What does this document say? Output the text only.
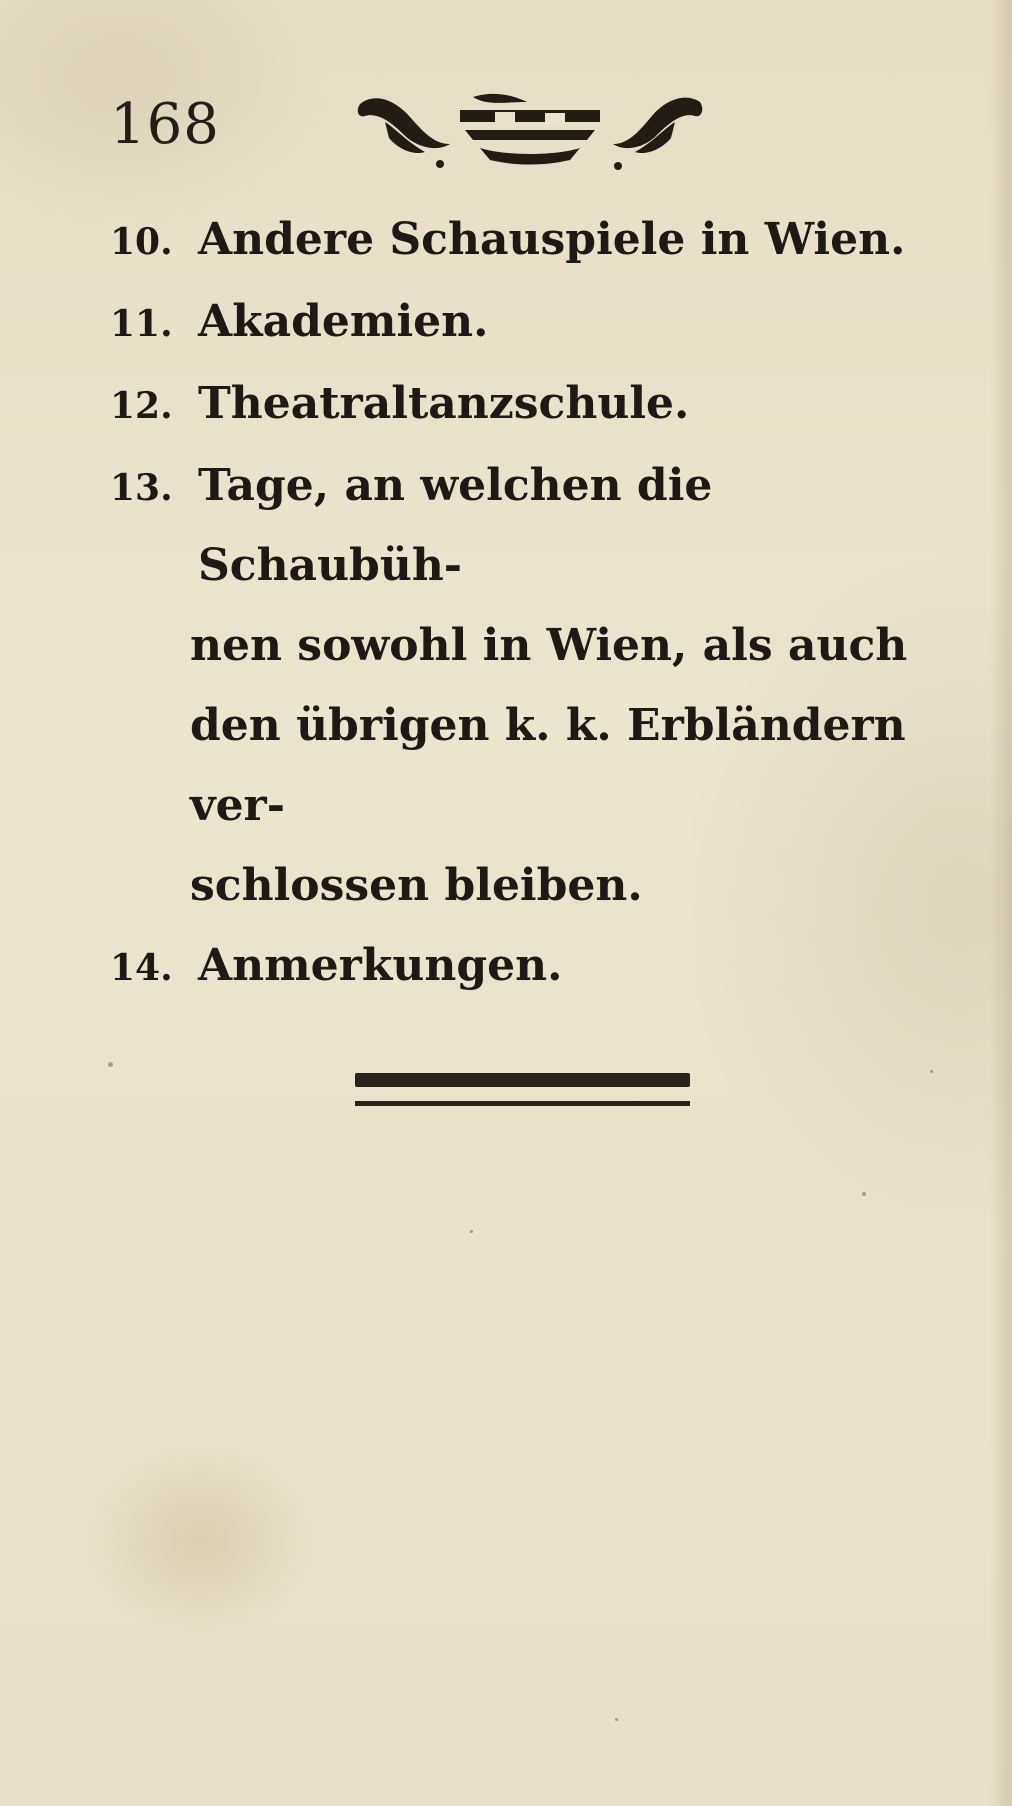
168
10. Andere Schauspiele in Wien.
11. Akademien.
12. Theatraltanzschule.
13. Tage, an welchen die Schaubüh-
nen sowohl in Wien, als auch
den übrigen k. k. Erbländern ver-
schlossen bleiben.
14. Anmerkungen.
